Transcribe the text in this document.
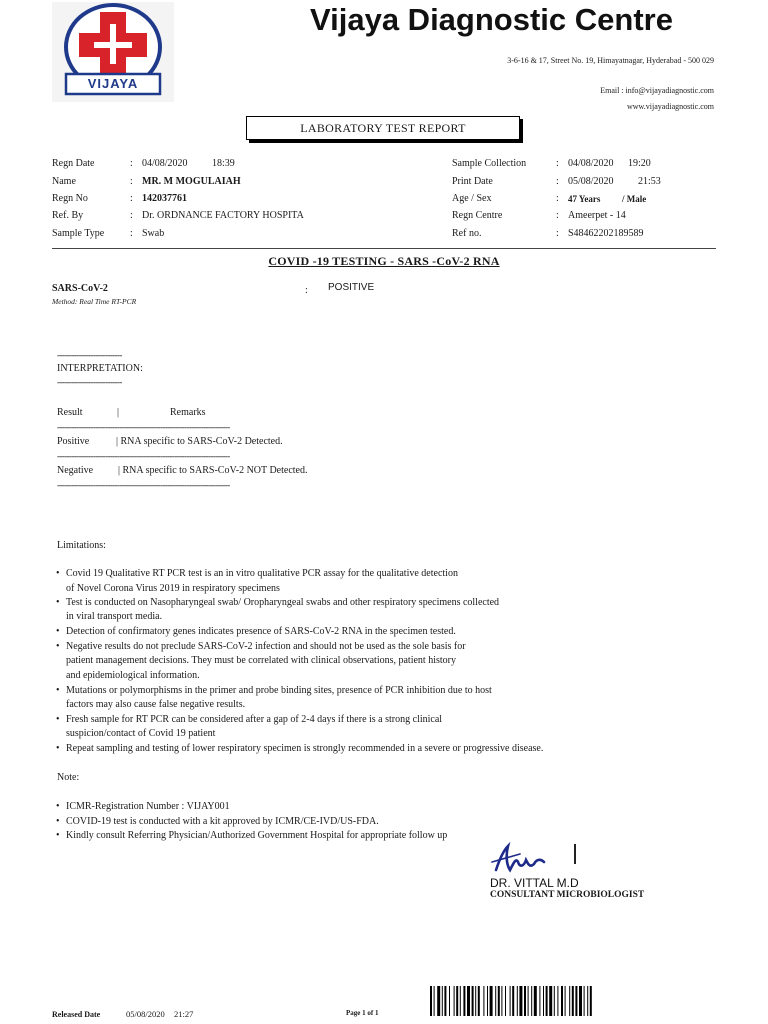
VIJAYA
Vijaya Diagnostic Centre
3-6-16 & 17, Street No. 19, Himayatnagar, Hyderabad - 500 029
Email : info@vijayadiagnostic.com
www.vijayadiagnostic.com
LABORATORY TEST REPORT
Regn Date	: 04/08/2020 18:39
Name	: MR. M MOGULAIAH
Regn No	: 142037761
Ref. By	: Dr. ORDNANCE FACTORY HOSPITA
Sample Type	: Swab
Sample Collection	: 04/08/2020 19:20
Print Date	: 05/08/2020 21:53
Age / Sex	: 47 Years / Male
Regn Centre	: Ameerpet - 14
Ref no.	: S48462202189589
COVID -19 TESTING - SARS -CoV-2 RNA
SARS-CoV-2
Method: Real Time RT-PCR
: POSITIVE
---------------------------
INTERPRETATION:
---------------------------
Result	|	Remarks
------------------------------------------------------------------------
Positive	| RNA specific to SARS-CoV-2 Detected.
------------------------------------------------------------------------
Negative | RNA specific to SARS-CoV-2 NOT Detected.
------------------------------------------------------------------------
Limitations:
• Covid 19 Qualitative RT PCR test is an in vitro qualitative PCR assay for the qualitative detection
of Novel Corona Virus 2019 in respiratory specimens
• Test is conducted on Nasopharyngeal swab/ Oropharyngeal swabs and other respiratory specimens collected
in viral transport media.
• Detection of confirmatory genes indicates presence of SARS-CoV-2 RNA in the specimen tested.
• Negative results do not preclude SARS-CoV-2 infection and should not be used as the sole basis for
patient management decisions. They must be correlated with clinical observations, patient history
and epidemiological information.
• Mutations or polymorphisms in the primer and probe binding sites, presence of PCR inhibition due to host
factors may also cause false negative results.
• Fresh sample for RT PCR can be considered after a gap of 2-4 days if there is a strong clinical
suspicion/contact of Covid 19 patient
• Repeat sampling and testing of lower respiratory specimen is strongly recommended in a severe or progressive disease.
Note:
• ICMR-Registration Number : VIJAY001
• COVID-19 test is conducted with a kit approved by ICMR/CE-IVD/US-FDA.
• Kindly consult Referring Physician/Authorized Government Hospital for appropriate follow up
DR. VITTAL M.D
CONSULTANT MICROBIOLOGIST
Released Date	05/08/2020 21:27	Page 1 of 1
